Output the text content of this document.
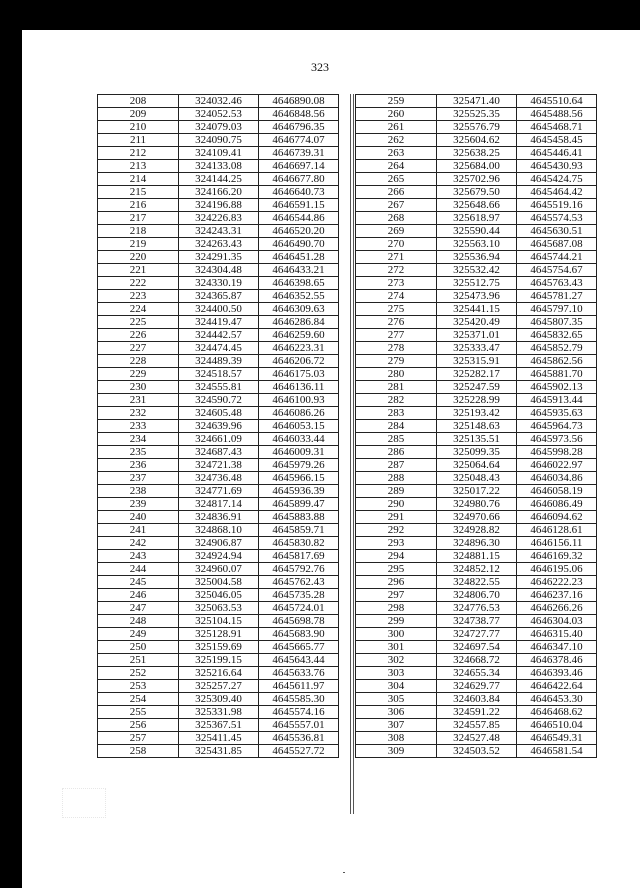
323
208	324032.46	4646890.08
209	324052.53	4646848.56
210	324079.03	4646796.35
211	324090.75	4646774.07
212	324109.41	4646739.31
213	324133.08	4646697.14
214	324144.25	4646677.80
215	324166.20	4646640.73
216	324196.88	4646591.15
217	324226.83	4646544.86
218	324243.31	4646520.20
219	324263.43	4646490.70
220	324291.35	4646451.28
221	324304.48	4646433.21
222	324330.19	4646398.65
223	324365.87	4646352.55
224	324400.50	4646309.63
225	324419.47	4646286.84
226	324442.57	4646259.60
227	324474.45	4646223.31
228	324489.39	4646206.72
229	324518.57	4646175.03
230	324555.81	4646136.11
231	324590.72	4646100.93
232	324605.48	4646086.26
233	324639.96	4646053.15
234	324661.09	4646033.44
235	324687.43	4646009.31
236	324721.38	4645979.26
237	324736.48	4645966.15
238	324771.69	4645936.39
239	324817.14	4645899.47
240	324836.91	4645883.88
241	324868.10	4645859.71
242	324906.87	4645830.82
243	324924.94	4645817.69
244	324960.07	4645792.76
245	325004.58	4645762.43
246	325046.05	4645735.28
247	325063.53	4645724.01
248	325104.15	4645698.78
249	325128.91	4645683.90
250	325159.69	4645665.77
251	325199.15	4645643.44
252	325216.64	4645633.76
253	325257.27	4645611.97
254	325309.40	4645585.30
255	325331.98	4645574.16
256	325367.51	4645557.01
257	325411.45	4645536.81
258	325431.85	4645527.72
259	325471.40	4645510.64
260	325525.35	4645488.56
261	325576.79	4645468.71
262	325604.62	4645458.45
263	325638.25	4645446.41
264	325684.00	4645430.93
265	325702.96	4645424.75
266	325679.50	4645464.42
267	325648.66	4645519.16
268	325618.97	4645574.53
269	325590.44	4645630.51
270	325563.10	4645687.08
271	325536.94	4645744.21
272	325532.42	4645754.67
273	325512.75	4645763.43
274	325473.96	4645781.27
275	325441.15	4645797.10
276	325420.49	4645807.35
277	325371.01	4645832.65
278	325333.47	4645852.79
279	325315.91	4645862.56
280	325282.17	4645881.70
281	325247.59	4645902.13
282	325228.99	4645913.44
283	325193.42	4645935.63
284	325148.63	4645964.73
285	325135.51	4645973.56
286	325099.35	4645998.28
287	325064.64	4646022.97
288	325048.43	4646034.86
289	325017.22	4646058.19
290	324980.76	4646086.49
291	324970.66	4646094.62
292	324928.82	4646128.61
293	324896.30	4646156.11
294	324881.15	4646169.32
295	324852.12	4646195.06
296	324822.55	4646222.23
297	324806.70	4646237.16
298	324776.53	4646266.26
299	324738.77	4646304.03
300	324727.77	4646315.40
301	324697.54	4646347.10
302	324668.72	4646378.46
303	324655.34	4646393.46
304	324629.77	4646422.64
305	324603.84	4646453.30
306	324591.22	4646468.62
307	324557.85	4646510.04
308	324527.48	4646549.31
309	324503.52	4646581.54
